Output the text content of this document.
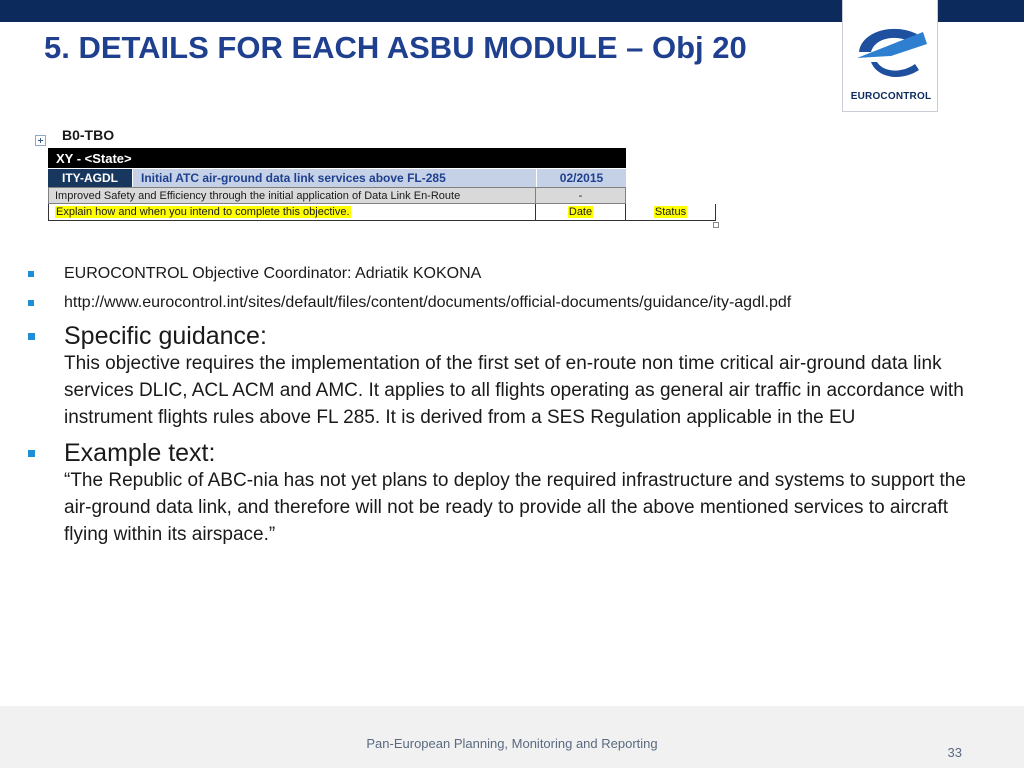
EUROCONTROL
5. DETAILS FOR EACH ASBU MODULE – Obj 20
B0-TBO
XY - <State>
ITY-AGDL	Initial ATC air-ground data link services above FL-285	02/2015
Improved Safety and Efficiency through the initial application of Data Link En-Route	-
Explain how and when you intend to complete this objective.	Date	Status
EUROCONTROL Objective Coordinator: Adriatik KOKONA
http://www.eurocontrol.int/sites/default/files/content/documents/official-documents/guidance/ity-agdl.pdf
Specific guidance:
This objective requires the implementation of the first set of en-route non time critical air-ground data link services DLIC, ACL ACM and AMC. It applies to all flights operating as general air traffic in accordance with instrument flights rules above FL 285. It is derived from a SES Regulation applicable in the EU
Example text:
“The Republic of ABC-nia has not yet plans to deploy the required infrastructure and systems to support the air-ground data link, and therefore will not be ready to provide all the above mentioned services to aircraft flying within its airspace.”
Pan-European Planning, Monitoring and Reporting
33
